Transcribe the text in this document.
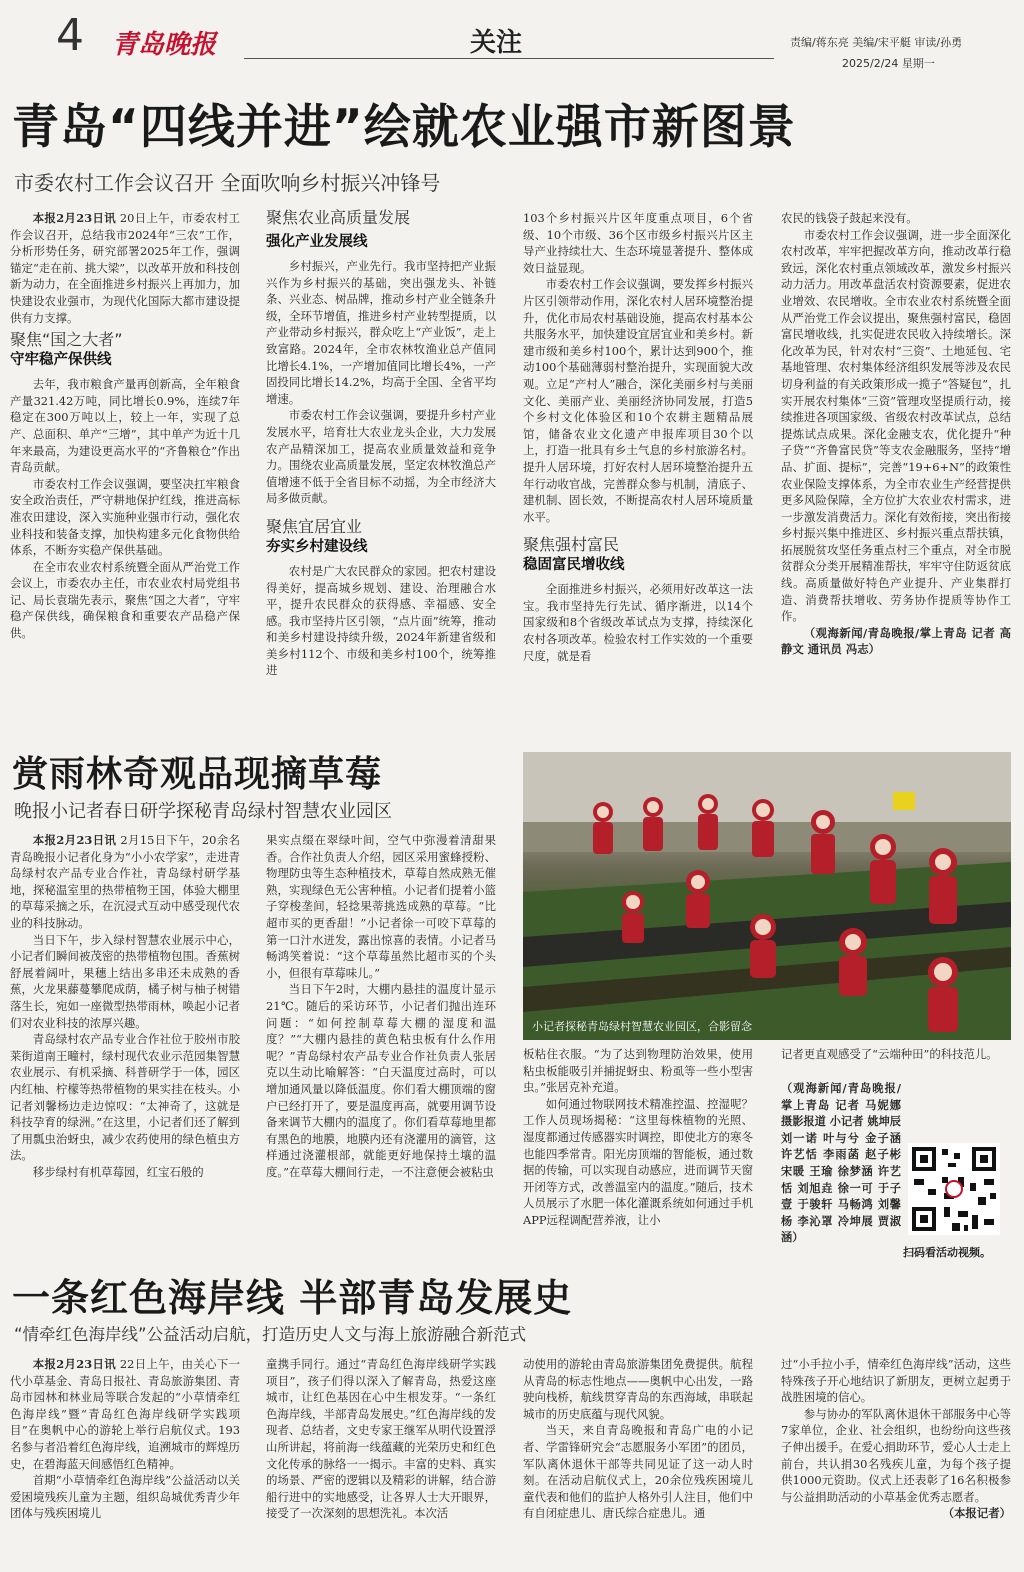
4 青岛晚报	关注	责编/蒋东亮 美编/宋平艇 审读/孙勇
2025/2/24 星期一
青岛“四线并进”绘就农业强市新图景
市委农村工作会议召开 全面吹响乡村振兴冲锋号

本报2月23日讯 20日上午，市委农村工作会议召开，总结我市2024年“三农”工作，分析形势任务，研究部署2025年工作，强调锚定“走在前、挑大梁”，以改革开放和科技创新为动力，在全面推进乡村振兴上再加力，加快建设农业强市，为现代化国际大都市建设提供有力支撑。

聚焦“国之大者”
守牢稳产保供线

去年，我市粮食产量再创新高，全年粮食产量321.42万吨，同比增长0.9%，连续7年稳定在300万吨以上，较上一年，实现了总产、总面积、单产“三增”，其中单产为近十几年来最高，为建设更高水平的“齐鲁粮仓”作出青岛贡献。

市委农村工作会议强调，要坚决扛牢粮食安全政治责任，严守耕地保护红线，推进高标准农田建设，深入实施种业强市行动，强化农业科技和装备支撑，加快构建多元化食物供给体系，不断夯实稳产保供基础。

在全市农业农村系统暨全面从严治党工作会议上，市委农办主任，市农业农村局党组书记、局长袁瑞先表示，聚焦“国之大者”，守牢稳产保供线，确保粮食和重要农产品稳产保供。

聚焦农业高质量发展
强化产业发展线

乡村振兴，产业先行。我市坚持把产业振兴作为乡村振兴的基础，突出强龙头、补链条、兴业态、树品牌，推动乡村产业全链条升级，全环节增值，推进乡村产业转型提质，以产业带动乡村振兴，群众吃上“产业饭”，走上致富路。2024年，全市农林牧渔业总产值同比增长4.1%，一产增加值同比增长4%，一产固投同比增长14.2%，均高于全国、全省平均增速。

市委农村工作会议强调，要提升乡村产业发展水平，培育壮大农业龙头企业，大力发展农产品精深加工，提高农业质量效益和竞争力。围绕农业高质量发展，坚定农林牧渔总产值增速不低于全省目标不动摇，为全市经济大局多做贡献。

聚焦宜居宜业
夯实乡村建设线

农村是广大农民群众的家园。把农村建设得美好，提高城乡规划、建设、治理融合水平，提升农民群众的获得感、幸福感、安全感。我市坚持片区引领，“点片面”统筹，推动和美乡村建设持续升级，2024年新建省级和美乡村112个、市级和美乡村100个，统筹推进

103个乡村振兴片区年度重点项目，6个省级、10个市级、36个区市级乡村振兴片区主导产业持续壮大、生态环境显著提升、整体成效日益显现。

市委农村工作会议强调，要发挥乡村振兴片区引领带动作用，深化农村人居环境整治提升，优化市局农村基础设施，提高农村基本公共服务水平，加快建设宜居宜业和美乡村。新建市级和美乡村100个，累计达到900个，推动100个基础薄弱村整治提升，实现面貌大改观。立足“产村人”融合，深化美丽乡村与美丽文化、美丽产业、美丽经济协同发展，打造5个乡村文化体验区和10个农耕主题精品展馆，储备农业文化遗产申报库项目30个以上，打造一批具有乡土气息的乡村旅游名村。提升人居环境，打好农村人居环境整治提升五年行动收官战，完善群众参与机制，清底子、建机制、固长效，不断提高农村人居环境质量水平。

聚焦强村富民
稳固富民增收线

全面推进乡村振兴，必须用好改革这一法宝。我市坚持先行先试、循序渐进，以14个国家级和8个省级改革试点为支撑，持续深化农村各项改革。检验农村工作实效的一个重要尺度，就是看

农民的钱袋子鼓起来没有。

市委农村工作会议强调，进一步全面深化农村改革，牢牢把握改革方向，推动改革行稳致远，深化农村重点领域改革，激发乡村振兴动力活力。用改革盘活农村资源要素，促进农业增效、农民增收。全市农业农村系统暨全面从严治党工作会议提出，聚焦强村富民，稳固富民增收线，扎实促进农民收入持续增长。深化改革为民，针对农村“三资”、土地延包、宅基地管理、农村集体经济组织发展等涉及农民切身利益的有关政策形成一揽子“答疑包”，扎实开展农村集体“三资”管理攻坚提质行动，接续推进各项国家级、省级农村改革试点，总结提炼试点成果。深化金融支农，优化提升“种子贷”“齐鲁富民贷”等支农金融服务，坚持“增品、扩面、提标”，完善“19+6+N”的政策性农业保险支撑体系，为全市农业生产经营提供更多风险保障，全方位扩大农业农村需求，进一步激发消费活力。深化有效衔接，突出衔接乡村振兴集中推进区、乡村振兴重点帮扶镇，拓展脱贫攻坚任务重点村三个重点，对全市脱贫群众分类开展精准帮扶，牢牢守住防返贫底线。高质量做好特色产业提升、产业集群打造、消费帮扶增收、劳务协作提质等协作工作。

（观海新闻/青岛晚报/掌上青岛 记者 高静文 通讯员 冯志）

赏雨林奇观品现摘草莓
晚报小记者春日研学探秘青岛绿村智慧农业园区

本报2月23日讯 2月15日下午，20余名青岛晚报小记者化身为“小小农学家”，走进青岛绿村农产品专业合作社，青岛绿村研学基地，探秘温室里的热带植物王国，体验大棚里的草莓采摘之乐，在沉浸式互动中感受现代农业的科技脉动。

当日下午，步入绿村智慧农业展示中心，小记者们瞬间被茂密的热带植物包围。香蕉树舒展着阔叶，果穗上结出多串还未成熟的香蕉，火龙果藤蔓攀爬成荫，橘子树与柚子树错落生长，宛如一座微型热带雨林，唤起小记者们对农业科技的浓厚兴趣。

青岛绿村农产品专业合作社位于胶州市胶莱街道南王疃村，绿村现代农业示范园集智慧农业展示、有机采摘、科普研学于一体，园区内红柚、柠檬等热带植物的果实挂在枝头。小记者刘馨杨边走边惊叹：“太神奇了，这就是科技孕育的绿洲。”在这里，小记者们还了解到了用瓢虫治蚜虫，减少农药使用的绿色植虫方法。

移步绿村有机草莓园，红宝石般的

果实点缀在翠绿叶间，空气中弥漫着清甜果香。合作社负责人介绍，园区采用蜜蜂授粉、物理防虫等生态种植技术，草莓自然成熟无催熟，实现绿色无公害种植。小记者们提着小篮子穿梭垄间，轻捻果蒂挑选成熟的草莓。“比超市买的更香甜！”小记者徐一可咬下草莓的第一口汁水迸发，露出惊喜的表情。小记者马畅鸿笑着说：“这个草莓虽然比超市买的个头小，但很有草莓味儿。”

当日下午2时，大棚内悬挂的温度计显示21℃。随后的采访环节，小记者们抛出连环问题：“如何控制草莓大棚的湿度和温度？”“大棚内悬挂的黄色粘虫板有什么作用呢？”青岛绿村农产品专业合作社负责人张居克以生动比喻解答：“白天温度过高时，可以增加通风量以降低温度。你们看大棚顶端的窗户已经打开了，要是温度再高，就要用调节设备来调节大棚内的温度了。你们看草莓地里都有黑色的地膜，地膜内还有浇灌用的滴管，这样通过浇灌根部，就能更好地保持土壤的温度。”在草莓大棚间行走，一不注意便会被粘虫

小记者探秘青岛绿村智慧农业园区，合影留念

板粘住衣服。“为了达到物理防治效果，使用粘虫板能吸引并捕捉蚜虫、粉虱等一些小型害虫。”张居克补充道。

如何通过物联网技术精准控温、控湿呢？工作人员现场揭秘：“这里每株植物的光照、湿度都通过传感器实时调控，即使北方的寒冬也能四季常青。阳光房顶端的智能板，通过数据的传输，可以实现自动感应，进而调节天窗开闭等方式，改善温室内的温度。”随后，技术人员展示了水肥一体化灌溉系统如何通过手机APP远程调配营养液，让小

记者更直观感受了“云端种田”的科技范儿。

（观海新闻/青岛晚报/掌上青岛 记者 马妮娜 摄影报道 小记者 姚坤辰 刘一诺 叶与兮 金子涵 许艺恬 李雨菡 赵子彬 宋暖 王瑜 徐梦涵 许艺恬 刘旭垚 徐一可 于子壹 于骏轩 马畅鸿 刘馨杨 李沁罩 冷坤展 贾淑涵）
扫码看活动视频。
一条红色海岸线 半部青岛发展史
“情牵红色海岸线”公益活动启航，打造历史人文与海上旅游融合新范式

本报2月23日讯 22日上午，由关心下一代小草基金、青岛日报社、青岛旅游集团、青岛市园林和林业局等联合发起的“小草情牵红色海岸线”暨“青岛红色海岸线研学实践项目”在奥帆中心的游轮上举行启航仪式。193名参与者沿着红色海岸线，追溯城市的辉煌历史，在碧海蓝天间感悟红色精神。

首期“小草情牵红色海岸线”公益活动以关爱困境残疾儿童为主题，组织岛城优秀青少年团体与残疾困境儿

童携手同行。通过“青岛红色海岸线研学实践项目”，孩子们得以深入了解青岛，热爱这座城市，让红色基因在心中生根发芽。“一条红色海岸线，半部青岛发展史。”红色海岸线的发现者、总结者，文史专家王继军从明代设置浮山所讲起，将前海一线蕴藏的光荣历史和红色文化传承的脉络一一揭示。丰富的史料、真实的场景、严密的逻辑以及精彩的讲解，结合游船行进中的实地感受，让各界人士大开眼界，接受了一次深刻的思想洗礼。本次活

动使用的游轮由青岛旅游集团免费提供。航程从青岛的标志性地点——奥帆中心出发，一路驶向栈桥，航线贯穿青岛的东西海域，串联起城市的历史底蕴与现代风貌。

当天，来自青岛晚报和青岛广电的小记者、学雷锋研究会“志愿服务小军团”的团员，军队离休退休干部等共同见证了这一动人时刻。在活动启航仪式上，20余位残疾困境儿童代表和他们的监护人格外引人注目，他们中有自闭症患儿、唐氏综合症患儿。通

过“小手拉小手，情牵红色海岸线”活动，这些特殊孩子开心地结识了新朋友，更树立起勇于战胜困境的信心。

参与协办的军队离休退休干部服务中心等7家单位，企业、社会组织，也纷纷向这些孩子伸出援手。在爱心捐助环节，爱心人士走上前台，共认捐30名残疾儿童，为每个孩子提供1000元资助。仪式上还表彰了16名积极参与公益捐助活动的小草基金优秀志愿者。

（本报记者）
